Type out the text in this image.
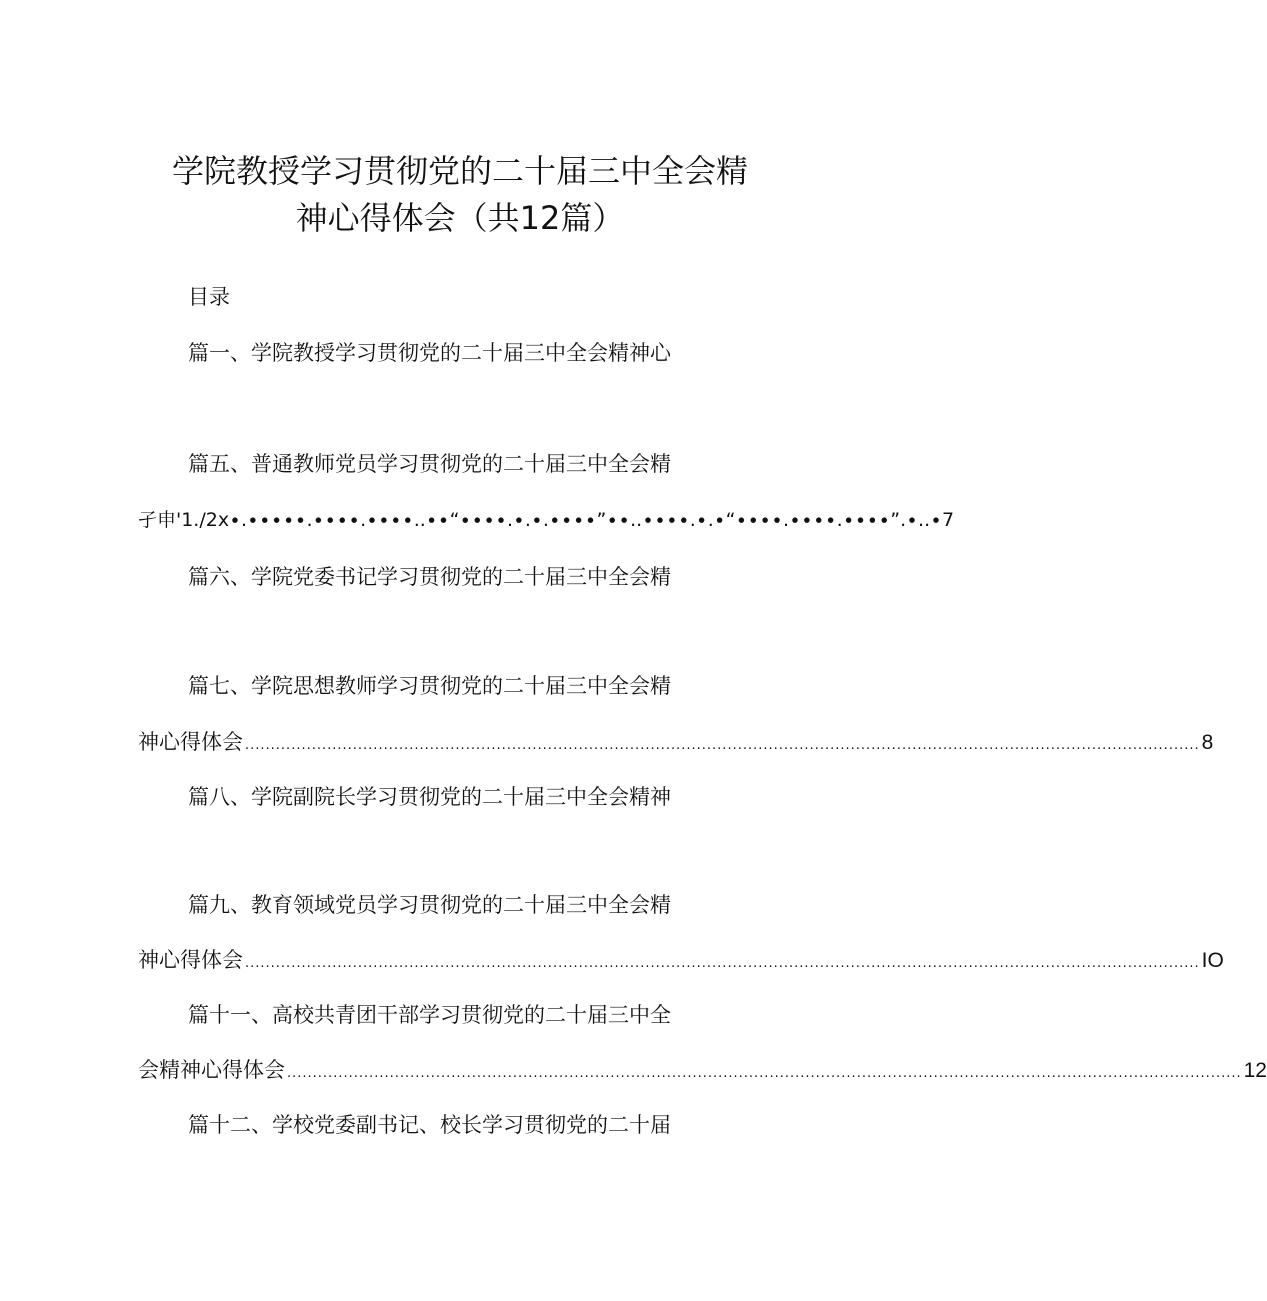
学院教授学习贯彻党的二十届三中全会精
神心得体会（共12篇）
目录
篇一、学院教授学习贯彻党的二十届三中全会精神心
篇五、普通教师党员学习贯彻党的二十届三中全会精
孑申'1./2x∙.∙∙∙∙∙.∙∙∙∙.∙∙∙∙..∙∙“∙∙∙∙.∙.∙.∙∙∙∙”∙∙..∙∙∙∙.∙.∙“∙∙∙∙.∙∙∙∙.∙∙∙∙”.∙..∙7
篇六、学院党委书记学习贯彻党的二十届三中全会精
篇七、学院思想教师学习贯彻党的二十届三中全会精
神心得体会 .......................................................................................................................................................................................... 8
篇八、学院副院长学习贯彻党的二十届三中全会精神
篇九、教育领域党员学习贯彻党的二十届三中全会精
神心得体会 .......................................................................................................................................................................................... IO
篇十一、高校共青团干部学习贯彻党的二十届三中全
会精神心得体会 .......................................................................................................................................................................................... 12
篇十二、学校党委副书记、校长学习贯彻党的二十届
